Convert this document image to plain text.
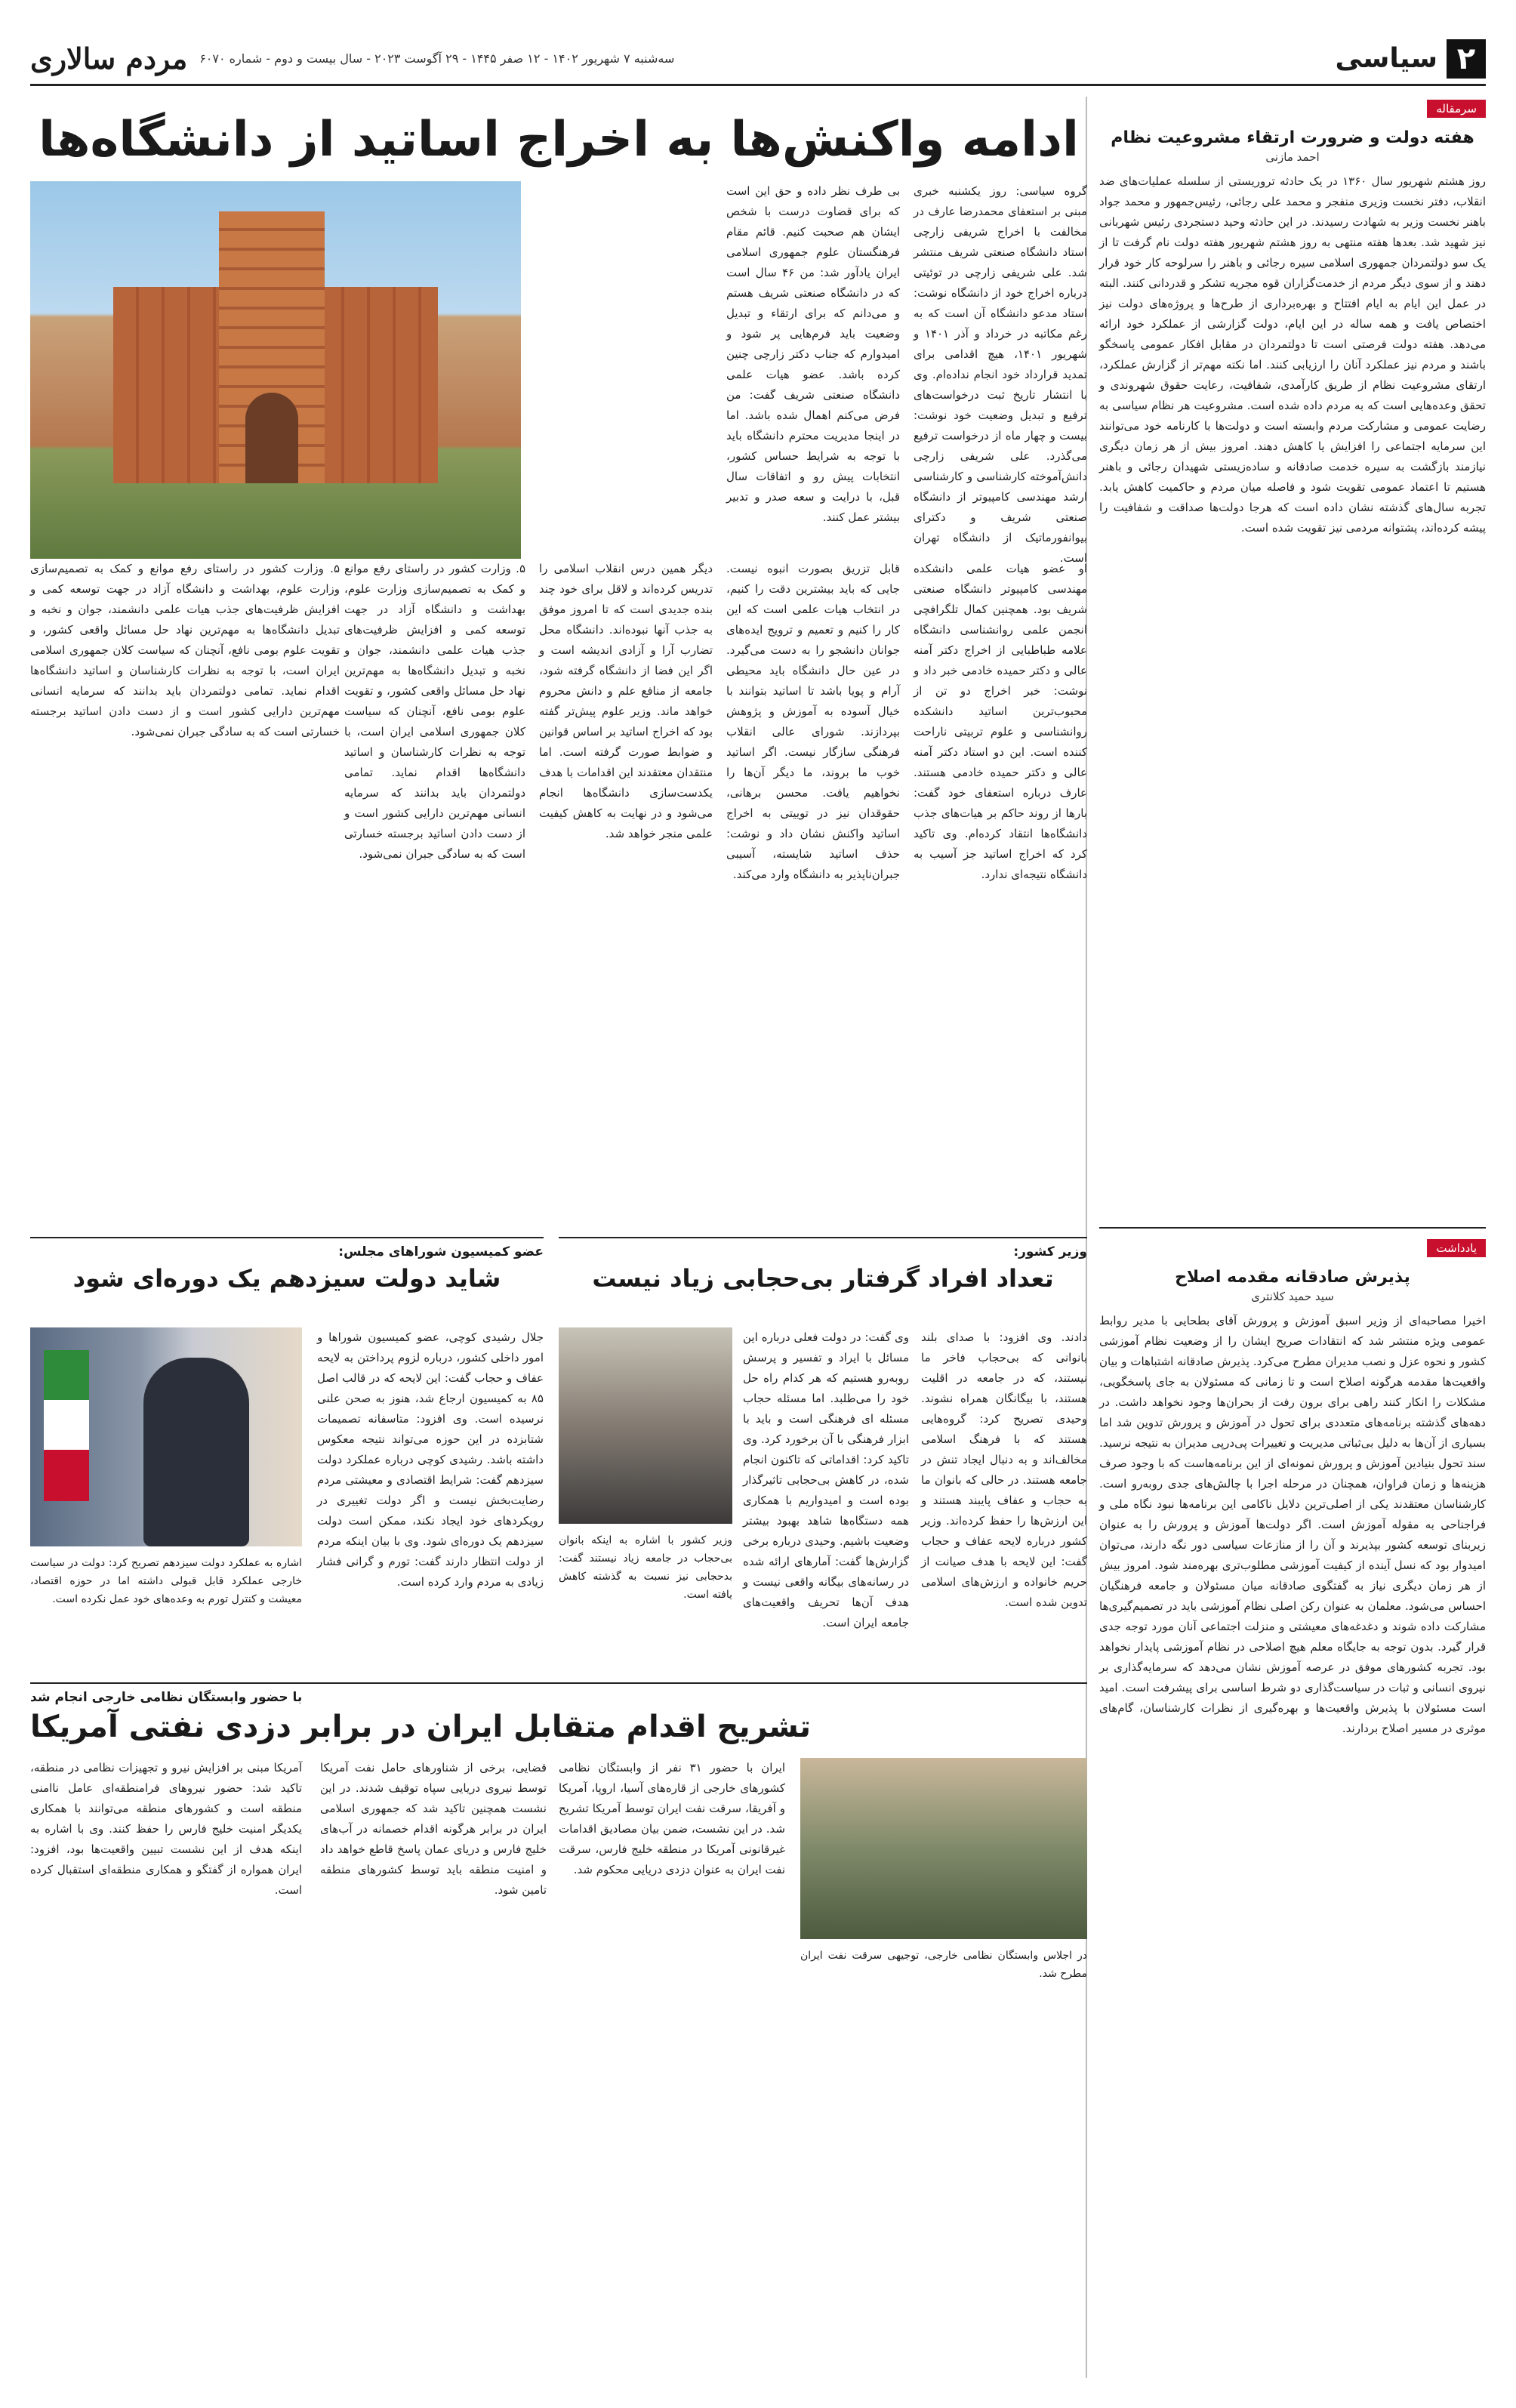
۲
سیاسی
سه‌شنبه ۷ شهریور ۱۴۰۲ - ۱۲ صفر ۱۴۴۵ - ۲۹ آگوست ۲۰۲۳ - سال بیست و دوم - شماره ۶۰۷۰
مردم سالاری
سرمقاله
هفته دولت و ضرورت ارتقاء مشروعیت نظام
احمد مازنی

روز هشتم شهریور سال ۱۳۶۰ در یک حادثه تروریستی از سلسله عملیات‌های ضد انقلاب، دفتر نخست وزیری منفجر و محمد علی رجائی، رئیس‌جمهور و محمد جواد باهنر نخست وزیر به شهادت رسیدند. در این حادثه وحید دستجردی رئیس شهربانی نیز شهید شد. بعدها هفته منتهی به روز هشتم شهریور هفته دولت نام گرفت تا از یک سو دولتمردان جمهوری اسلامی سیره رجائی و باهنر را سرلوحه کار خود قرار دهند و از سوی دیگر مردم از خدمت‌گزاران قوه مجریه تشکر و قدردانی کنند. البته در عمل این ایام به ایام افتتاح و بهره‌برداری از طرح‌ها و پروژه‌های دولت نیز اختصاص یافت و همه ساله در این ایام، دولت گزارشی از عملکرد خود ارائه می‌دهد. هفته دولت فرصتی است تا دولتمردان در مقابل افکار عمومی پاسخگو باشند و مردم نیز عملکرد آنان را ارزیابی کنند. اما نکته مهم‌تر از گزارش عملکرد، ارتقای مشروعیت نظام از طریق کارآمدی، شفافیت، رعایت حقوق شهروندی و تحقق وعده‌هایی است که به مردم داده شده است. مشروعیت هر نظام سیاسی به رضایت عمومی و مشارکت مردم وابسته است و دولت‌ها با کارنامه خود می‌توانند این سرمایه اجتماعی را افزایش یا کاهش دهند. امروز بیش از هر زمان دیگری نیازمند بازگشت به سیره خدمت صادقانه و ساده‌زیستی شهیدان رجائی و باهنر هستیم تا اعتماد عمومی تقویت شود و فاصله میان مردم و حاکمیت کاهش یابد. تجربه سال‌های گذشته نشان داده است که هرجا دولت‌ها صداقت و شفافیت را پیشه کرده‌اند، پشتوانه مردمی نیز تقویت شده است.

یادداشت
پذیرش صادقانه مقدمه اصلاح
سید حمید کلانتری

اخیرا مصاحبه‌ای از وزیر اسبق آموزش و پرورش آقای بطحایی با مدیر روابط عمومی ویژه منتشر شد که انتقادات صریح ایشان را از وضعیت نظام آموزشی کشور و نحوه عزل و نصب مدیران مطرح می‌کرد. پذیرش صادقانه اشتباهات و بیان واقعیت‌ها مقدمه هرگونه اصلاح است و تا زمانی که مسئولان به جای پاسخگویی، مشکلات را انکار کنند راهی برای برون رفت از بحران‌ها وجود نخواهد داشت. در دهه‌های گذشته برنامه‌های متعددی برای تحول در آموزش و پرورش تدوین شد اما بسیاری از آن‌ها به دلیل بی‌ثباتی مدیریت و تغییرات پی‌درپی مدیران به نتیجه نرسید. سند تحول بنیادین آموزش و پرورش نمونه‌ای از این برنامه‌هاست که با وجود صرف هزینه‌ها و زمان فراوان، همچنان در مرحله اجرا با چالش‌های جدی روبه‌رو است. کارشناسان معتقدند یکی از اصلی‌ترین دلایل ناکامی این برنامه‌ها نبود نگاه ملی و فراجناحی به مقوله آموزش است. اگر دولت‌ها آموزش و پرورش را به عنوان زیربنای توسعه کشور بپذیرند و آن را از منازعات سیاسی دور نگه دارند، می‌توان امیدوار بود که نسل آینده از کیفیت آموزشی مطلوب‌تری بهره‌مند شود. امروز بیش از هر زمان دیگری نیاز به گفتگوی صادقانه میان مسئولان و جامعه فرهنگیان احساس می‌شود. معلمان به عنوان رکن اصلی نظام آموزشی باید در تصمیم‌گیری‌ها مشارکت داده شوند و دغدغه‌های معیشتی و منزلت اجتماعی آنان مورد توجه جدی قرار گیرد. بدون توجه به جایگاه معلم هیچ اصلاحی در نظام آموزشی پایدار نخواهد بود. تجربه کشورهای موفق در عرصه آموزش نشان می‌دهد که سرمایه‌گذاری بر نیروی انسانی و ثبات در سیاست‌گذاری دو شرط اساسی برای پیشرفت است. امید است مسئولان با پذیرش واقعیت‌ها و بهره‌گیری از نظرات کارشناسان، گام‌های موثری در مسیر اصلاح بردارند.

ادامه واکنش‌ها به اخراج اساتید از دانشگاه‌ها
گروه سیاسی: روز یکشنبه خبری مبنی بر استعفای محمدرضا عارف در مخالفت با اخراج شریفی زارچی استاد دانشگاه صنعتی شریف منتشر شد. علی شریفی زارچی در توئیتی درباره اخراج خود از دانشگاه نوشت: استاد مدعو دانشگاه آن است که به رغم مکاتبه در خرداد و آذر ۱۴۰۱ و شهریور ۱۴۰۱، هیچ اقدامی برای تمدید قرارداد خود انجام نداده‌ام. وی با انتشار تاریخ ثبت درخواست‌های ترفیع و تبدیل وضعیت خود نوشت: بیست و چهار ماه از درخواست ترفیع می‌گذرد. علی شریفی زارچی دانش‌آموخته کارشناسی و کارشناسی ارشد مهندسی کامپیوتر از دانشگاه صنعتی شریف و دکترای بیوانفورماتیک از دانشگاه تهران است.
او عضو هیات علمی دانشکده مهندسی کامپیوتر دانشگاه صنعتی شریف بود. همچنین کمال تلگرافچی انجمن علمی روانشناسی دانشگاه علامه طباطبایی از اخراج دکتر آمنه عالی و دکتر حمیده خادمی خبر داد و نوشت: خبر اخراج دو تن از محبوب‌ترین اساتید دانشکده روانشناسی و علوم تربیتی ناراحت کننده است. این دو استاد دکتر آمنه عالی و دکتر حمیده خادمی هستند. عارف درباره استعفای خود گفت: بارها از روند حاکم بر هیات‌های جذب دانشگاه‌ها انتقاد کرده‌ام. وی تاکید کرد که اخراج اساتید جز آسیب به دانشگاه نتیجه‌ای ندارد.
بی طرف نظر داده و حق این است که برای قضاوت درست با شخص ایشان هم صحبت کنیم. قائم مقام فرهنگستان علوم جمهوری اسلامی ایران یادآور شد: من ۴۶ سال است که در دانشگاه صنعتی شریف هستم و می‌دانم که برای ارتقاء و تبدیل وضعیت باید فرم‌هایی پر شود و امیدوارم که جناب دکتر زارچی چنین کرده باشد. عضو هیات علمی دانشگاه صنعتی شریف گفت: من فرض می‌کنم اهمال شده باشد. اما در اینجا مدیریت محترم دانشگاه باید با توجه به شرایط حساس کشور، انتخابات پیش رو و اتفاقات سال قبل، با درایت و سعه صدر و تدبیر بیشتر عمل کنند.
قابل تزریق بصورت انبوه نیست. جایی که باید بیشترین دقت را کنیم، در انتخاب هیات علمی است که این کار را کنیم و تعمیم و ترویج ایده‌های جوانان دانشجو را به دست می‌گیرد. در عین حال دانشگاه باید محیطی آرام و پویا باشد تا اساتید بتوانند با خیال آسوده به آموزش و پژوهش بپردازند. شورای عالی انقلاب فرهنگی سازگار نیست. اگر اساتید خوب ما بروند، ما دیگر آن‌ها را نخواهیم یافت. محسن برهانی، حقوقدان نیز در توییتی به اخراج اساتید واکنش نشان داد و نوشت: حذف اساتید شایسته، آسیبی جبران‌ناپذیر به دانشگاه وارد می‌کند.
دیگر همین درس انقلاب اسلامی را تدریس کرده‌اند و لاقل برای خود چند بنده جدیدی است که تا امروز موفق به جذب آنها نبوده‌اند. دانشگاه محل تضارب آرا و آزادی اندیشه است و اگر این فضا از دانشگاه گرفته شود، جامعه از منافع علم و دانش محروم خواهد ماند. وزیر علوم پیش‌تر گفته بود که اخراج اساتید بر اساس قوانین و ضوابط صورت گرفته است. اما منتقدان معتقدند این اقدامات با هدف یکدست‌سازی دانشگاه‌ها انجام می‌شود و در نهایت به کاهش کیفیت علمی منجر خواهد شد.
۵. وزارت کشور در راستای رفع موانع و کمک به تصمیم‌سازی وزارت علوم، بهداشت و دانشگاه آزاد در جهت توسعه کمی و افزایش ظرفیت‌های جذب هیات علمی دانشمند، جوان و نخبه و تبدیل دانشگاه‌ها به مهم‌ترین نهاد حل مسائل واقعی کشور، و تقویت علوم بومی نافع، آنچنان که سیاست کلان جمهوری اسلامی ایران است، با توجه به نظرات کارشناسان و اساتید دانشگاه‌ها اقدام نماید. تمامی دولتمردان باید بدانند که سرمایه انسانی مهم‌ترین دارایی کشور است و از دست دادن اساتید برجسته خسارتی است که به سادگی جبران نمی‌شود.
۵. وزارت کشور در راستای رفع موانع و کمک به تصمیم‌سازی وزارت علوم، بهداشت و دانشگاه آزاد در جهت توسعه کمی و افزایش ظرفیت‌های جذب هیات علمی دانشمند، جوان و نخبه و تبدیل دانشگاه‌ها به مهم‌ترین نهاد حل مسائل واقعی کشور، و تقویت علوم بومی نافع، آنچنان که سیاست کلان جمهوری اسلامی ایران است، با توجه به نظرات کارشناسان و اساتید دانشگاه‌ها اقدام نماید. تمامی دولتمردان باید بدانند که سرمایه انسانی مهم‌ترین دارایی کشور است و از دست دادن اساتید برجسته خسارتی است که به سادگی جبران نمی‌شود.
وزیر کشور:
تعداد افراد گرفتار بی‌حجابی زیاد نیست
دادند. وی افزود: با صدای بلند بانوانی که بی‌حجاب فاخر ما نیستند، که در جامعه در اقلیت هستند، با بیگانگان همراه نشوند. وحیدی تصریح کرد: گروه‌هایی هستند که با فرهنگ اسلامی مخالف‌اند و به دنبال ایجاد تنش در جامعه هستند. در حالی که بانوان ما به حجاب و عفاف پایبند هستند و این ارزش‌ها را حفظ کرده‌اند. وزیر کشور درباره لایحه عفاف و حجاب گفت: این لایحه با هدف صیانت از حریم خانواده و ارزش‌های اسلامی تدوین شده است.
وی گفت: در دولت فعلی درباره این مسائل با ایراد و تفسیر و پرسش روبه‌رو هستیم که هر کدام راه حل خود را می‌طلبد. اما مسئله حجاب مسئله ای فرهنگی است و باید با ابزار فرهنگی با آن برخورد کرد. وی تاکید کرد: اقداماتی که تاکنون انجام شده، در کاهش بی‌حجابی تاثیرگذار بوده است و امیدواریم با همکاری همه دستگاه‌ها شاهد بهبود بیشتر وضعیت باشیم. وحیدی درباره برخی گزارش‌ها گفت: آمارهای ارائه شده در رسانه‌های بیگانه واقعی نیست و هدف آن‌ها تحریف واقعیت‌های جامعه ایران است.
وزیر کشور با اشاره به اینکه بانوان بی‌حجاب در جامعه زیاد نیستند گفت: بدحجابی نیز نسبت به گذشته کاهش یافته است.
عضو کمیسیون شوراهای مجلس:
شاید دولت سیزدهم یک دوره‌ای شود
جلال رشیدی کوچی، عضو کمیسیون شوراها و امور داخلی کشور، درباره لزوم پرداختن به لایحه عفاف و حجاب گفت: این لایحه که در قالب اصل ۸۵ به کمیسیون ارجاع شد، هنوز به صحن علنی نرسیده است. وی افزود: متاسفانه تصمیمات شتابزده در این حوزه می‌تواند نتیجه معکوس داشته باشد. رشیدی کوچی درباره عملکرد دولت سیزدهم گفت: شرایط اقتصادی و معیشتی مردم رضایت‌بخش نیست و اگر دولت تغییری در رویکردهای خود ایجاد نکند، ممکن است دولت سیزدهم یک دوره‌ای شود. وی با بیان اینکه مردم از دولت انتظار دارند گفت: تورم و گرانی فشار زیادی به مردم وارد کرده است.
اشاره به عملکرد دولت سیزدهم تصریح کرد: دولت در سیاست خارجی عملکرد قابل قبولی داشته اما در حوزه اقتصاد، معیشت و کنترل تورم به وعده‌های خود عمل نکرده است.
با حضور وابستگان نظامی خارجی انجام شد
تشریح اقدام متقابل ایران در برابر دزدی نفتی آمریکا
در اجلاس وابستگان نظامی خارجی، توجیهی سرقت نفت ایران مطرح شد.
ایران با حضور ۳۱ نفر از وابستگان نظامی کشورهای خارجی از قاره‌های آسیا، اروپا، آمریکا و آفریقا، سرقت نفت ایران توسط آمریکا تشریح شد. در این نشست، ضمن بیان مصادیق اقدامات غیرقانونی آمریکا در منطقه خلیج فارس، سرقت نفت ایران به عنوان دزدی دریایی محکوم شد.
قضایی، برخی از شناورهای حامل نفت آمریکا توسط نیروی دریایی سپاه توقیف شدند. در این نشست همچنین تاکید شد که جمهوری اسلامی ایران در برابر هرگونه اقدام خصمانه در آب‌های خلیج فارس و دریای عمان پاسخ قاطع خواهد داد و امنیت منطقه باید توسط کشورهای منطقه تامین شود.
آمریکا مبنی بر افزایش نیرو و تجهیزات نظامی در منطقه، تاکید شد: حضور نیروهای فرامنطقه‌ای عامل ناامنی منطقه است و کشورهای منطقه می‌توانند با همکاری یکدیگر امنیت خلیج فارس را حفظ کنند. وی با اشاره به اینکه هدف از این نشست تبیین واقعیت‌ها بود، افزود: ایران همواره از گفتگو و همکاری منطقه‌ای استقبال کرده است.
